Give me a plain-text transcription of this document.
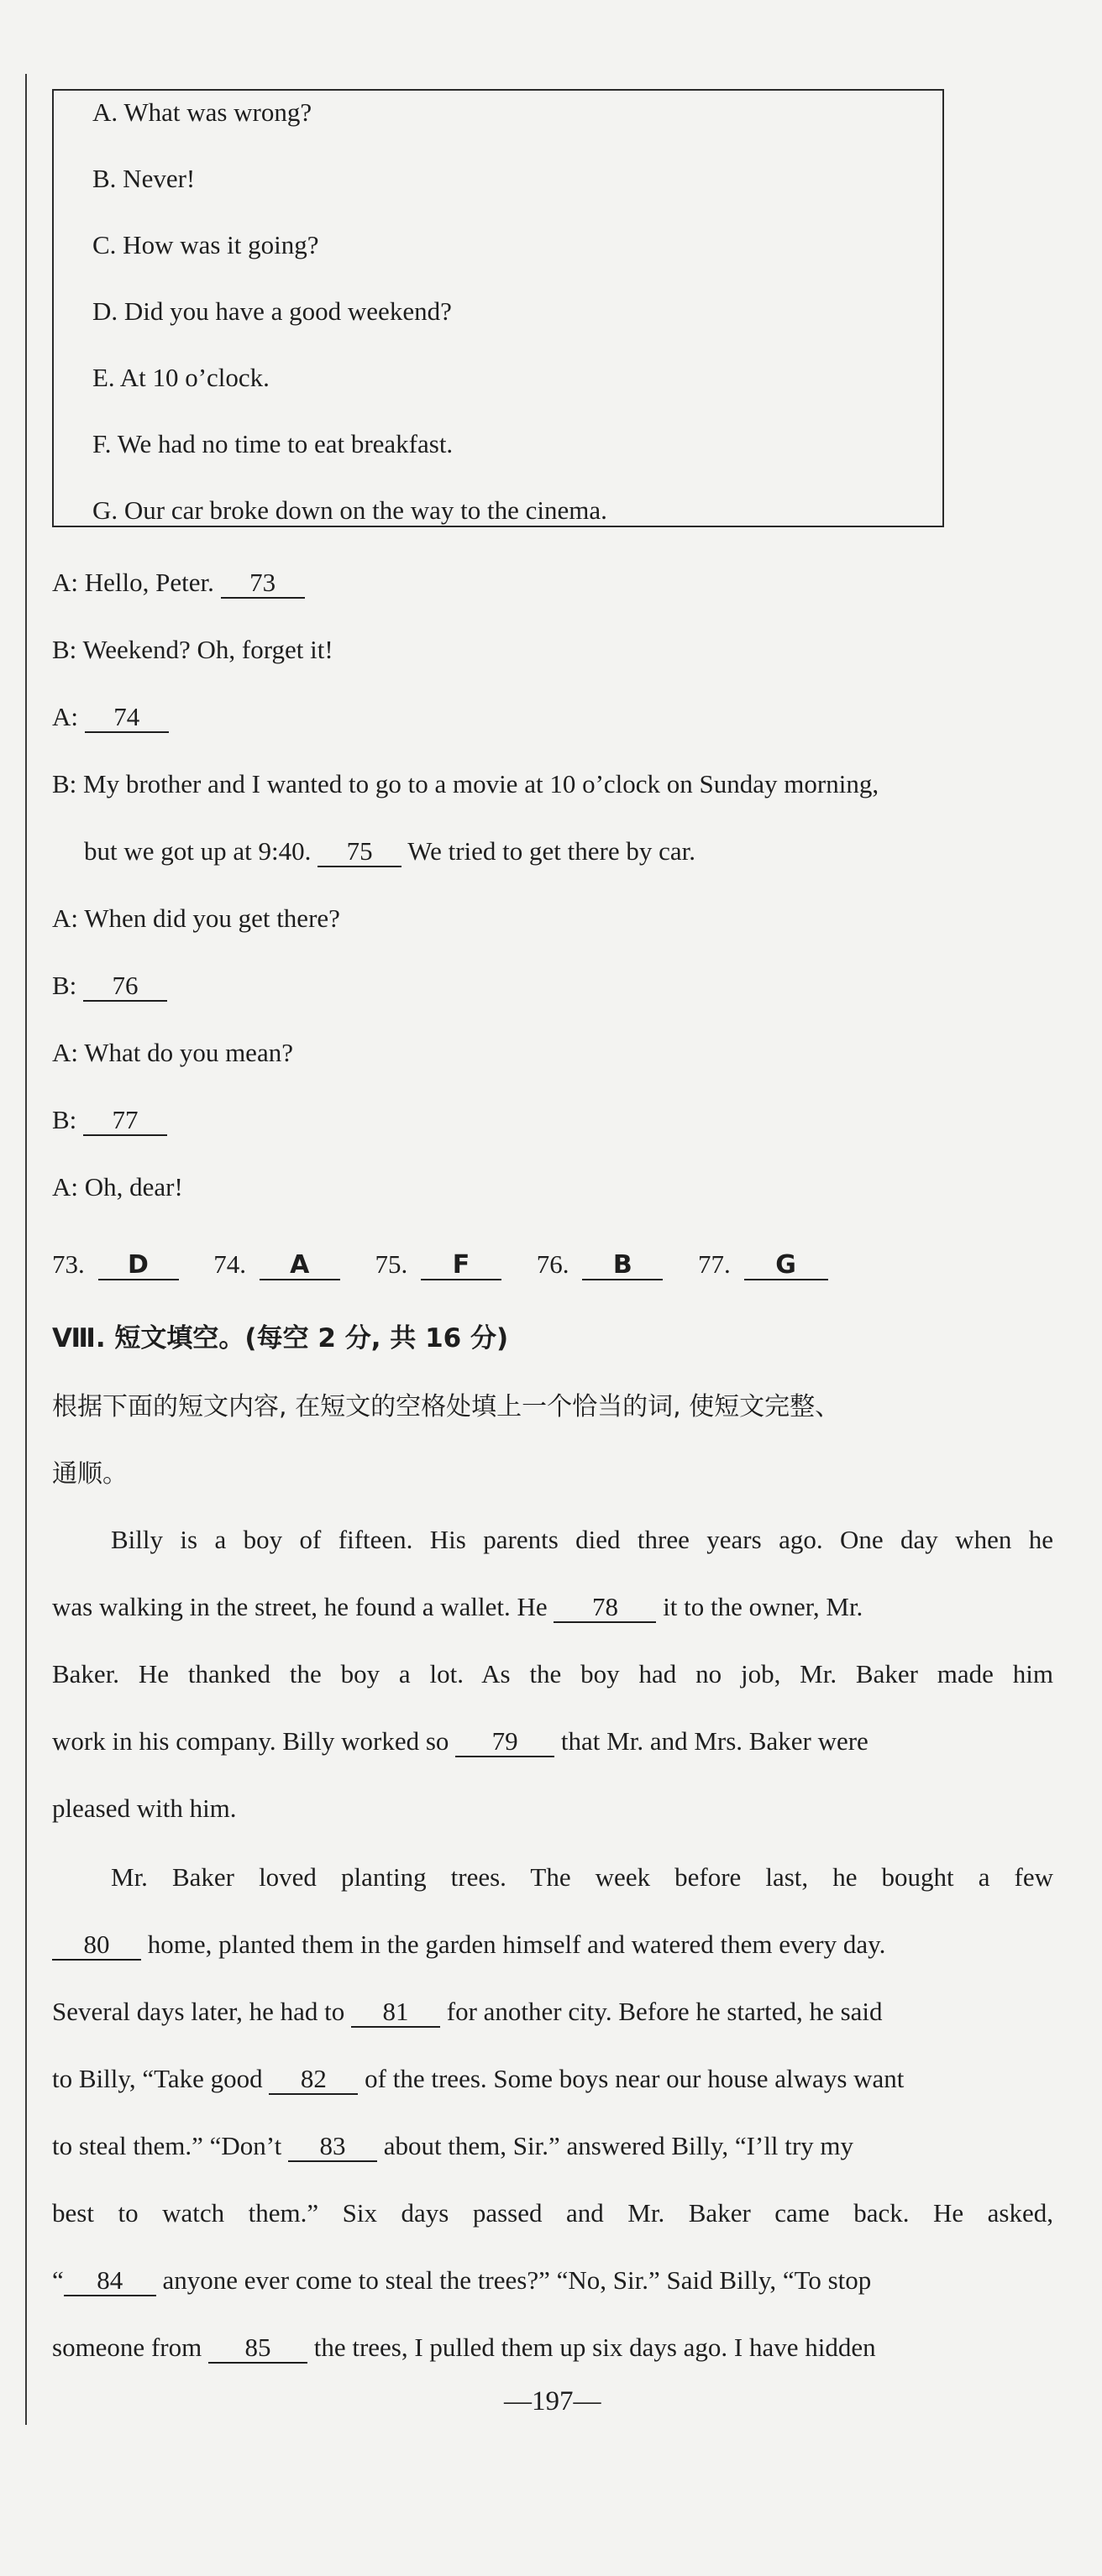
A. What was wrong?
B. Never!
C. How was it going?
D. Did you have a good weekend?
E. At 10 o’clock.
F. We had no time to eat breakfast.
G. Our car broke down on the way to the cinema.
A: Hello, Peter. 73
B: Weekend? Oh, forget it!
A: 74
B: My brother and I wanted to go to a movie at 10 o’clock on Sunday morning,
but we got up at 9:40. 75 We tried to get there by car.
A: When did you get there?
B: 76
A: What do you mean?
B: 77
A: Oh, dear!
73. D 74. A	75. F	76. B	77. G
Ⅷ. 短文填空。(每空 2 分, 共 16 分)
根据下面的短文内容, 在短文的空格处填上一个恰当的词, 使短文完整、
通顺。
Billy is a boy of fifteen. His parents died three years ago. One day when he
was walking in the street, he found a wallet. He 78 it to the owner, Mr.
Baker. He thanked the boy a lot. As the boy had no job, Mr. Baker made him
work in his company. Billy worked so 79 that Mr. and Mrs. Baker were
pleased with him.
Mr. Baker loved planting trees. The week before last, he bought a few
80 home, planted them in the garden himself and watered them every day.
Several days later, he had to 81 for another city. Before he started, he said
to Billy, “Take good 82 of the trees. Some boys near our house always want
to steal them.” “Don’t 83 about them, Sir.” answered Billy, “I’ll try my
best to watch them.” Six days passed and Mr. Baker came back. He asked,
“ 84 anyone ever come to steal the trees?” “No, Sir.” Said Billy, “To stop
someone from 85 the trees, I pulled them up six days ago. I have hidden
—197—
